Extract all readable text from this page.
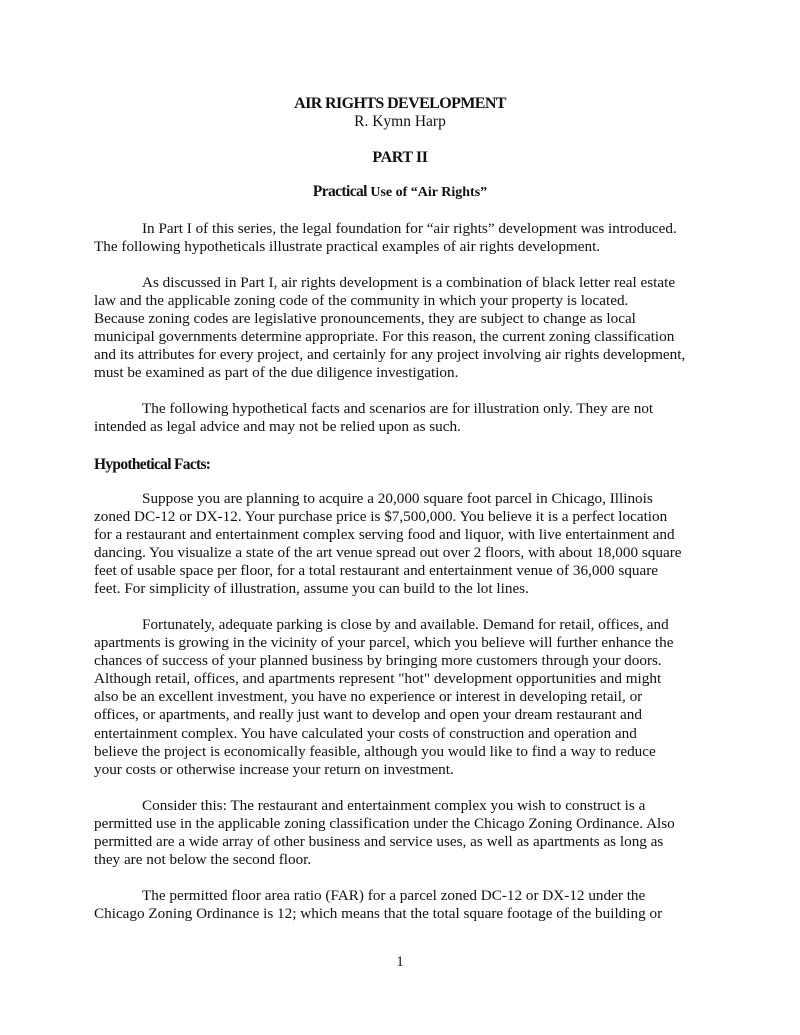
AIR RIGHTS DEVELOPMENT
R. Kymn Harp
PART II
Practical Use of “Air Rights”
In Part I of this series, the legal foundation for “air rights” development was introduced.
The following hypotheticals illustrate practical examples of air rights development.
As discussed in Part I, air rights development is a combination of black letter real estate
law and the applicable zoning code of the community in which your property is located.
Because zoning codes are legislative pronouncements, they are subject to change as local
municipal governments determine appropriate. For this reason, the current zoning classification
and its attributes for every project, and certainly for any project involving air rights development,
must be examined as part of the due diligence investigation.
The following hypothetical facts and scenarios are for illustration only. They are not
intended as legal advice and may not be relied upon as such.
Hypothetical Facts:
Suppose you are planning to acquire a 20,000 square foot parcel in Chicago, Illinois
zoned DC-12 or DX-12. Your purchase price is $7,500,000. You believe it is a perfect location
for a restaurant and entertainment complex serving food and liquor, with live entertainment and
dancing. You visualize a state of the art venue spread out over 2 floors, with about 18,000 square
feet of usable space per floor, for a total restaurant and entertainment venue of 36,000 square
feet. For simplicity of illustration, assume you can build to the lot lines.
Fortunately, adequate parking is close by and available. Demand for retail, offices, and
apartments is growing in the vicinity of your parcel, which you believe will further enhance the
chances of success of your planned business by bringing more customers through your doors.
Although retail, offices, and apartments represent "hot" development opportunities and might
also be an excellent investment, you have no experience or interest in developing retail, or
offices, or apartments, and really just want to develop and open your dream restaurant and
entertainment complex. You have calculated your costs of construction and operation and
believe the project is economically feasible, although you would like to find a way to reduce
your costs or otherwise increase your return on investment.
Consider this: The restaurant and entertainment complex you wish to construct is a
permitted use in the applicable zoning classification under the Chicago Zoning Ordinance. Also
permitted are a wide array of other business and service uses, as well as apartments as long as
they are not below the second floor.
The permitted floor area ratio (FAR) for a parcel zoned DC-12 or DX-12 under the
Chicago Zoning Ordinance is 12; which means that the total square footage of the building or
1
